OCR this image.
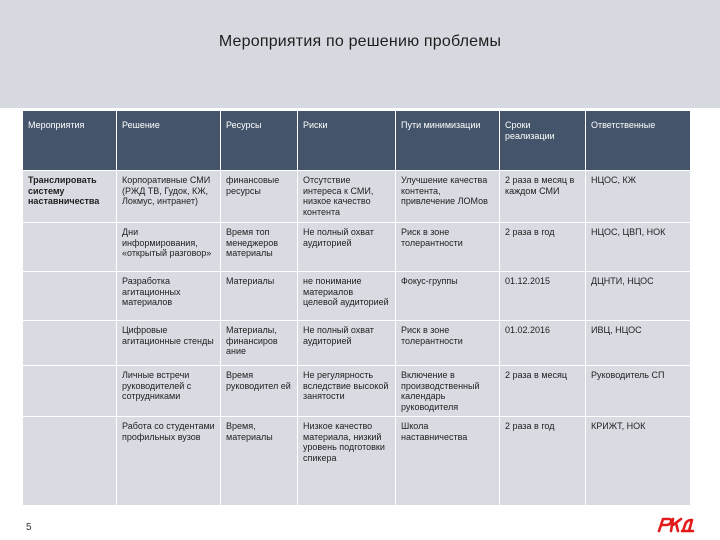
Мероприятия по решению проблемы
Мероприятия	Решение	Ресурсы	Риски	Пути минимизации	Сроки реализации	Ответственные
Транслировать систему наставничества	Корпоративные СМИ (РЖД ТВ, Гудок, КЖ, Локмус, интранет)	финансовые ресурсы	Отсутствие интереса к СМИ, низкое качество контента	Улучшение качества контента, привлечение ЛОМов	2 раза в месяц в каждом СМИ	НЦОС, КЖ
	Дни информирования, «открытый разговор»	Время топ менеджеров материалы	Не полный охват аудиторией	Риск в зоне толерантности	2 раза в год	НЦОС, ЦВП, НОК
	Разработка агитационных материалов	Материалы	не понимание материалов целевой аудиторией	Фокус-группы	01.12.2015	ДЦНТИ, НЦОС
	Цифровые агитационные стенды	Материалы, финансиров ание	Не полный охват аудиторией	Риск в зоне толерантности	01.02.2016	ИВЦ, НЦОС
	Личные встречи руководителей с сотрудниками	Время руководител ей	Не регулярность вследствие высокой занятости	Включение в производственный календарь руководителя	2 раза в месяц	Руководитель СП
	Работа со студентами профильных вузов	Время, материалы	Низкое качество материала, низкий уровень подготовки спикера	Школа наставничества	2 раза в год	КРИЖТ, НОК
5
